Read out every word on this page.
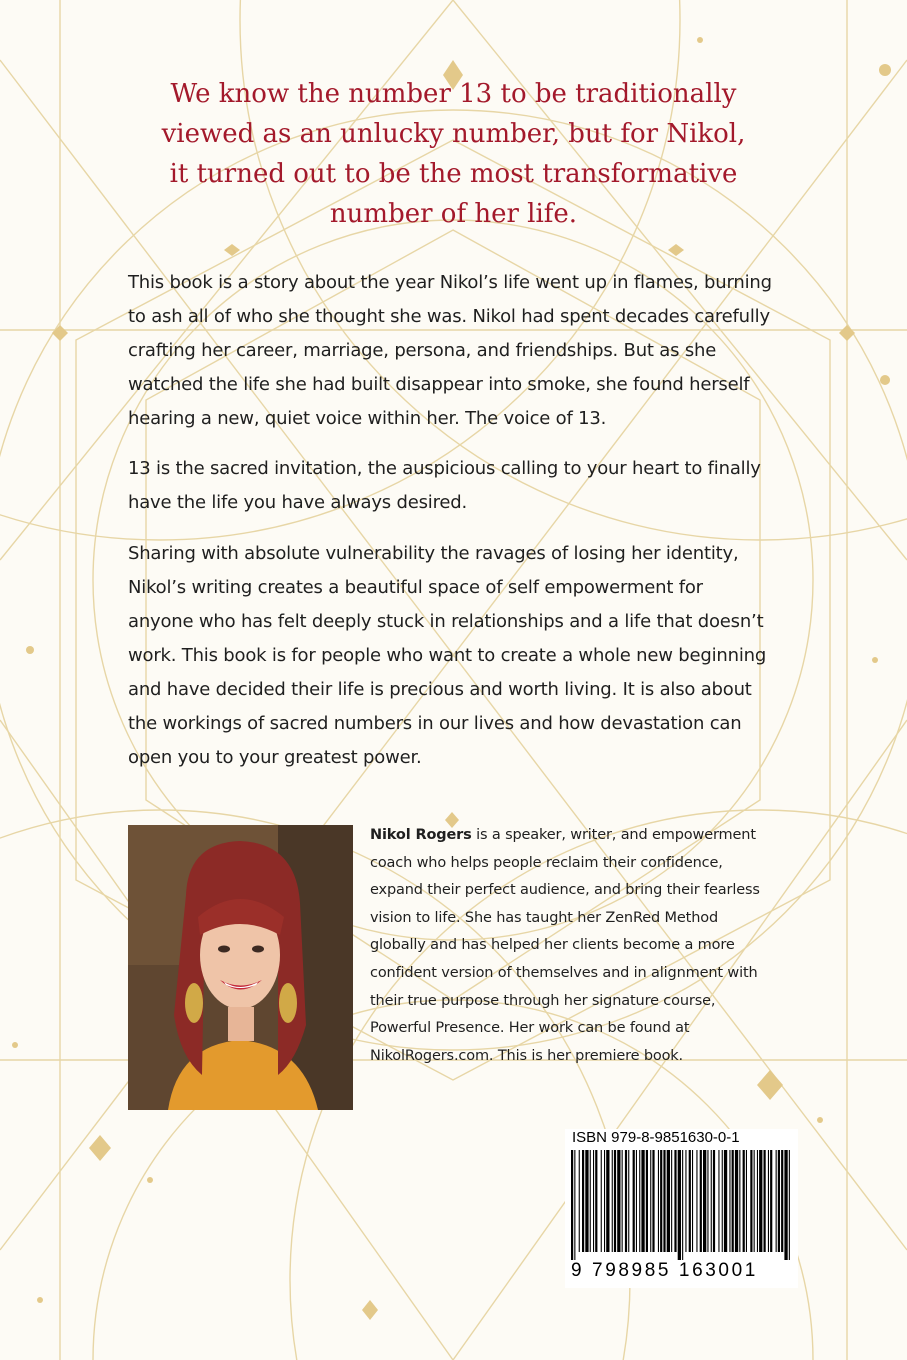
We know the number 13 to be traditionally
viewed as an unlucky number, but for Nikol,
it turned out to be the most transformative
number of her life.
This book is a story about the year Nikol’s life went up in flames, burning
to ash all of who she thought she was. Nikol had spent decades carefully
crafting her career, marriage, persona, and friendships. But as she
watched the life she had built disappear into smoke, she found herself
hearing a new, quiet voice within her. The voice of 13.
13 is the sacred invitation, the auspicious calling to your heart to finally
have the life you have always desired.
Sharing with absolute vulnerability the ravages of losing her identity,
Nikol’s writing creates a beautiful space of self empowerment for
anyone who has felt deeply stuck in relationships and a life that doesn’t
work. This book is for people who want to create a whole new beginning
and have decided their life is precious and worth living. It is also about
the workings of sacred numbers in our lives and how devastation can
open you to your greatest power.
Nikol Rogers is a speaker, writer, and empowerment
coach who helps people reclaim their confidence,
expand their perfect audience, and bring their fearless
vision to life. She has taught her ZenRed Method
globally and has helped her clients become a more
confident version of themselves and in alignment with
their true purpose through her signature course,
Powerful Presence. Her work can be found at
NikolRogers.com. This is her premiere book.
ISBN 979-8-9851630-0-1
9 798985 163001
